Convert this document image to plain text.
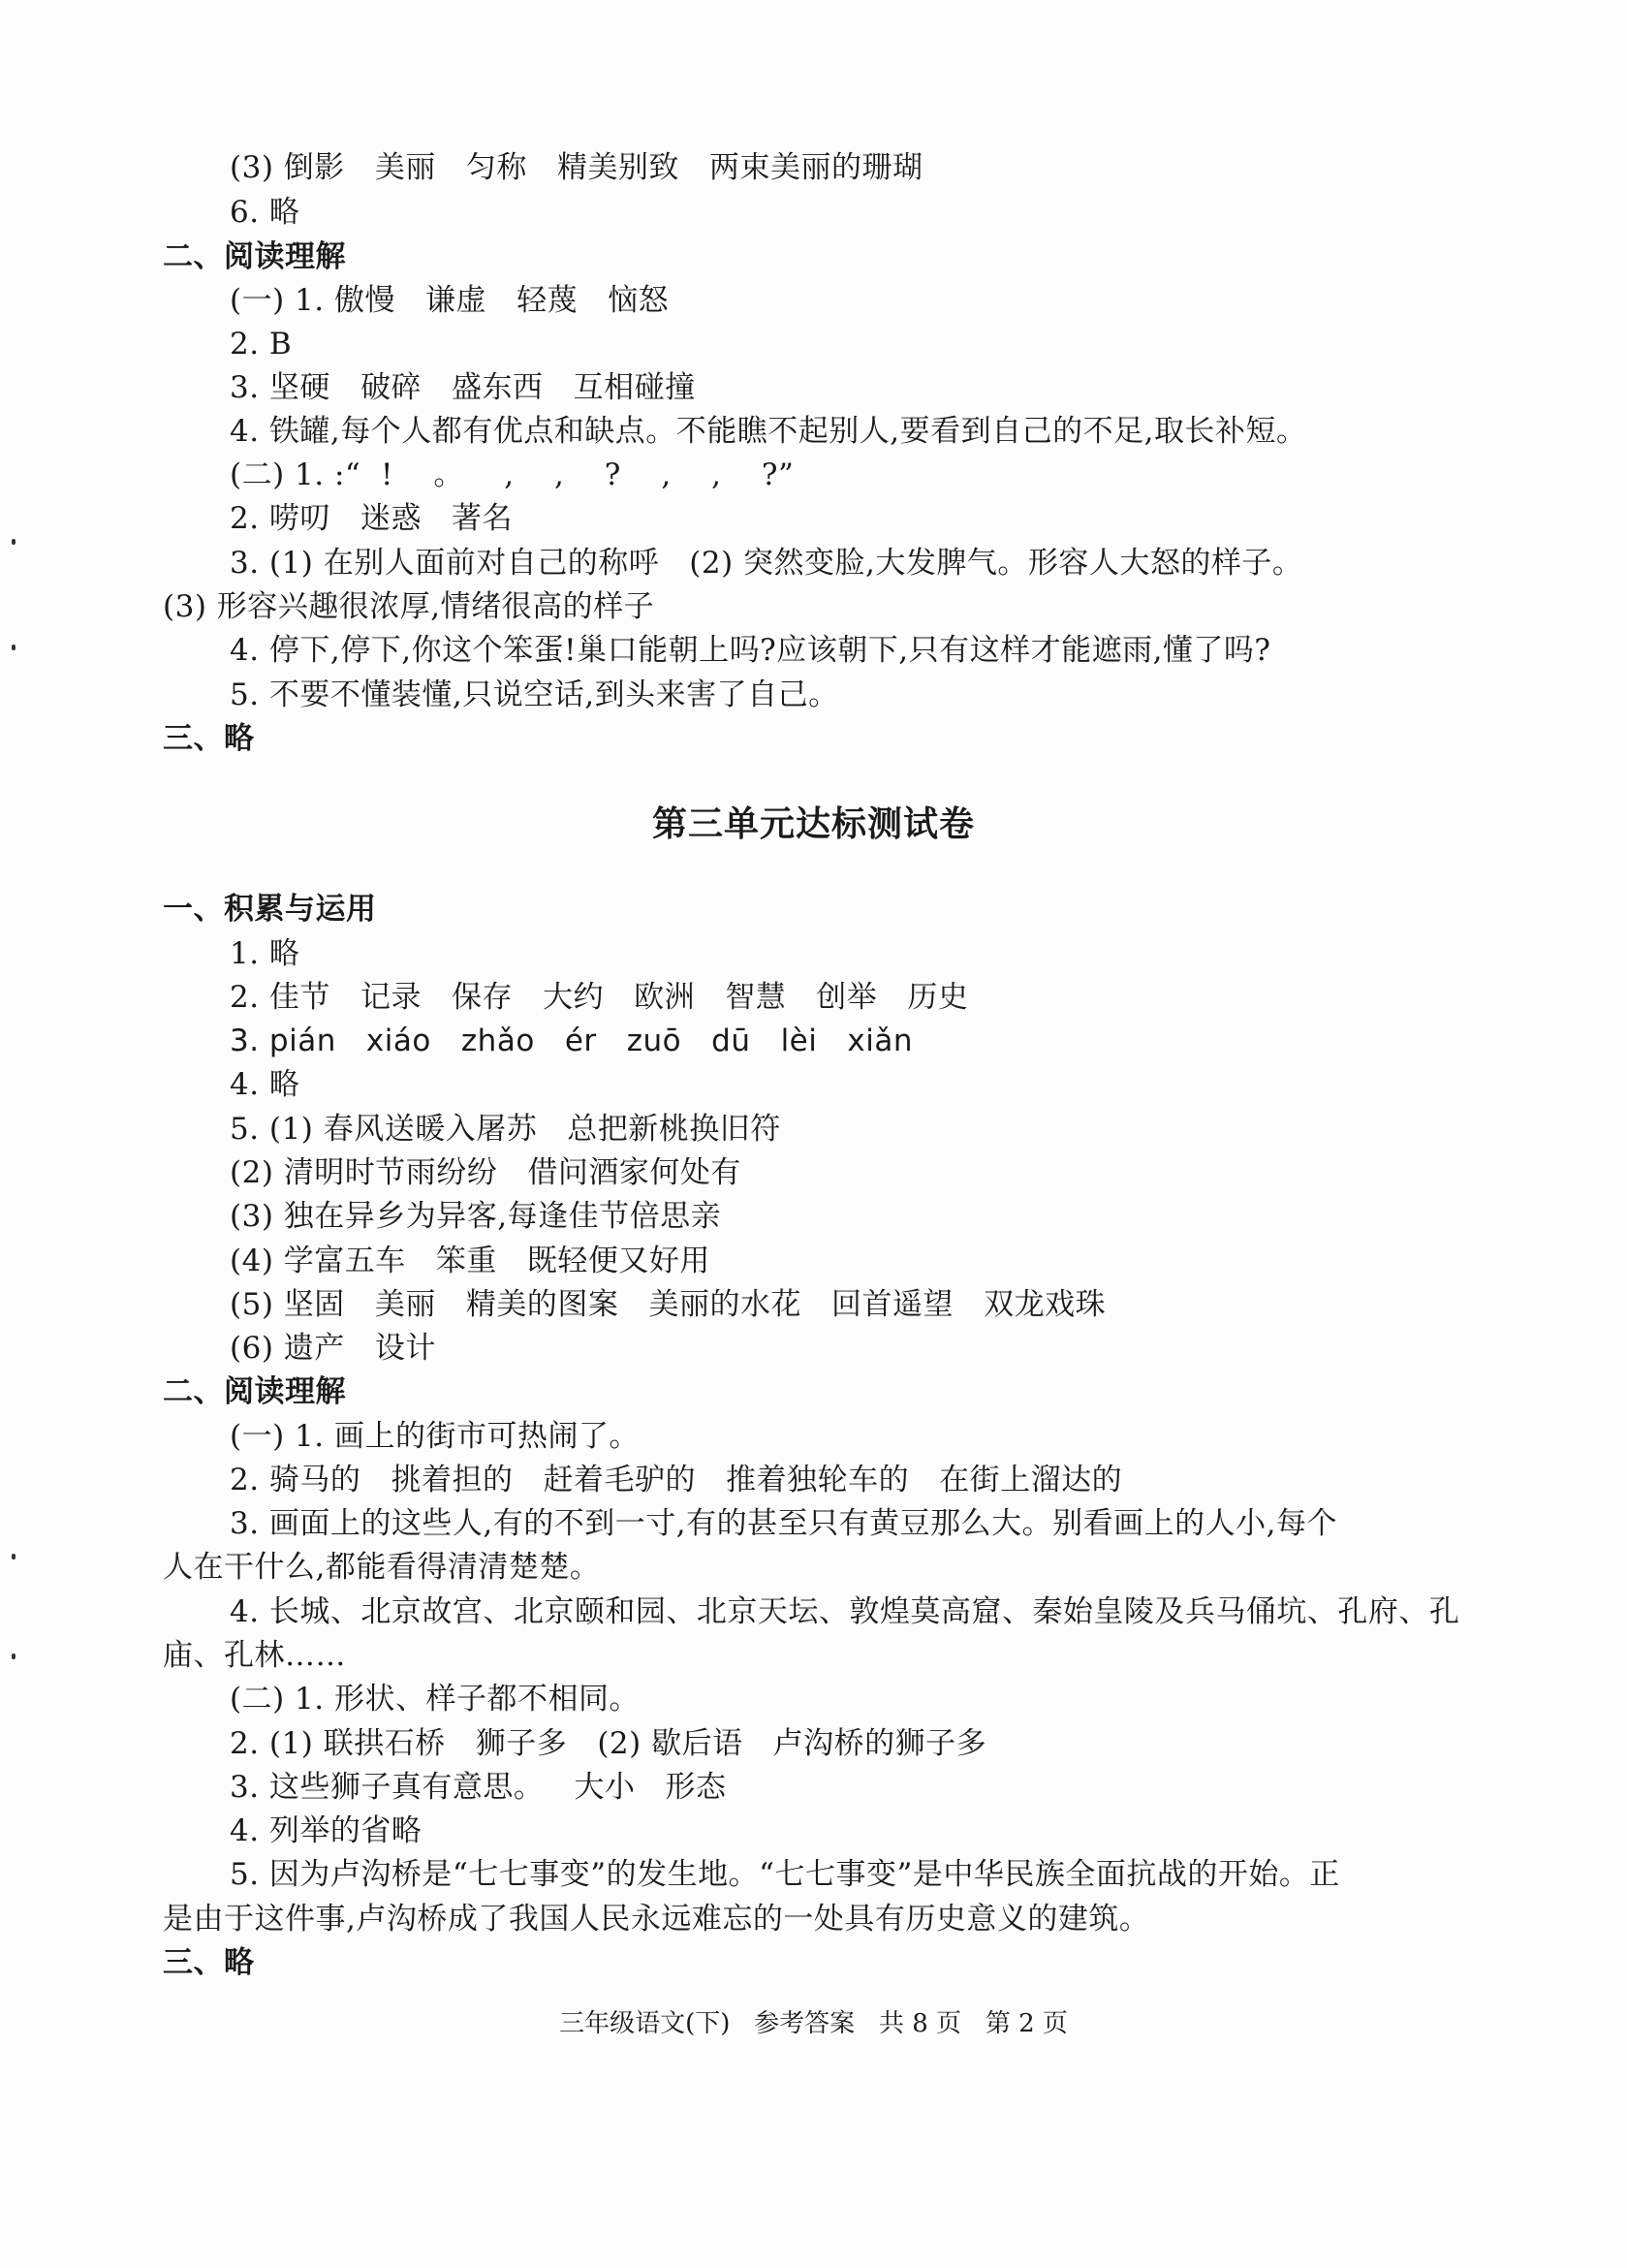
(3) 倒影   美丽   匀称   精美别致   两束美丽的珊瑚
6. 略
二、阅读理解
(一) 1. 傲慢   谦虚   轻蔑   恼怒
2. B
3. 坚硬   破碎   盛东西   互相碰撞
4. 铁罐,每个人都有优点和缺点。不能瞧不起别人,要看到自己的不足,取长补短。
(二) 1. :“  !    。    ,    ,    ?    ,    ,    ?”
2. 唠叨   迷惑   著名
3. (1) 在别人面前对自己的称呼   (2) 突然变脸,大发脾气。形容人大怒的样子。
(3) 形容兴趣很浓厚,情绪很高的样子
4. 停下,停下,你这个笨蛋!巢口能朝上吗?应该朝下,只有这样才能遮雨,懂了吗?
5. 不要不懂装懂,只说空话,到头来害了自己。
三、略
第三单元达标测试卷
一、积累与运用
1. 略
2. 佳节   记录   保存   大约   欧洲   智慧   创举   历史
3. pián   xiáo   zhǎo   ér   zuō   dū   lèi   xiǎn
4. 略
5. (1) 春风送暖入屠苏   总把新桃换旧符
(2) 清明时节雨纷纷   借问酒家何处有
(3) 独在异乡为异客,每逢佳节倍思亲
(4) 学富五车   笨重   既轻便又好用
(5) 坚固   美丽   精美的图案   美丽的水花   回首遥望   双龙戏珠
(6) 遗产   设计
二、阅读理解
(一) 1. 画上的街市可热闹了。
2. 骑马的   挑着担的   赶着毛驴的   推着独轮车的   在街上溜达的
3. 画面上的这些人,有的不到一寸,有的甚至只有黄豆那么大。别看画上的人小,每个
人在干什么,都能看得清清楚楚。
4. 长城、北京故宫、北京颐和园、北京天坛、敦煌莫高窟、秦始皇陵及兵马俑坑、孔府、孔
庙、孔林……
(二) 1. 形状、样子都不相同。
2. (1) 联拱石桥   狮子多   (2) 歇后语   卢沟桥的狮子多
3. 这些狮子真有意思。   大小   形态
4. 列举的省略
5. 因为卢沟桥是“七七事变”的发生地。“七七事变”是中华民族全面抗战的开始。正
是由于这件事,卢沟桥成了我国人民永远难忘的一处具有历史意义的建筑。
三、略
三年级语文(下)   参考答案   共 8 页   第 2 页
